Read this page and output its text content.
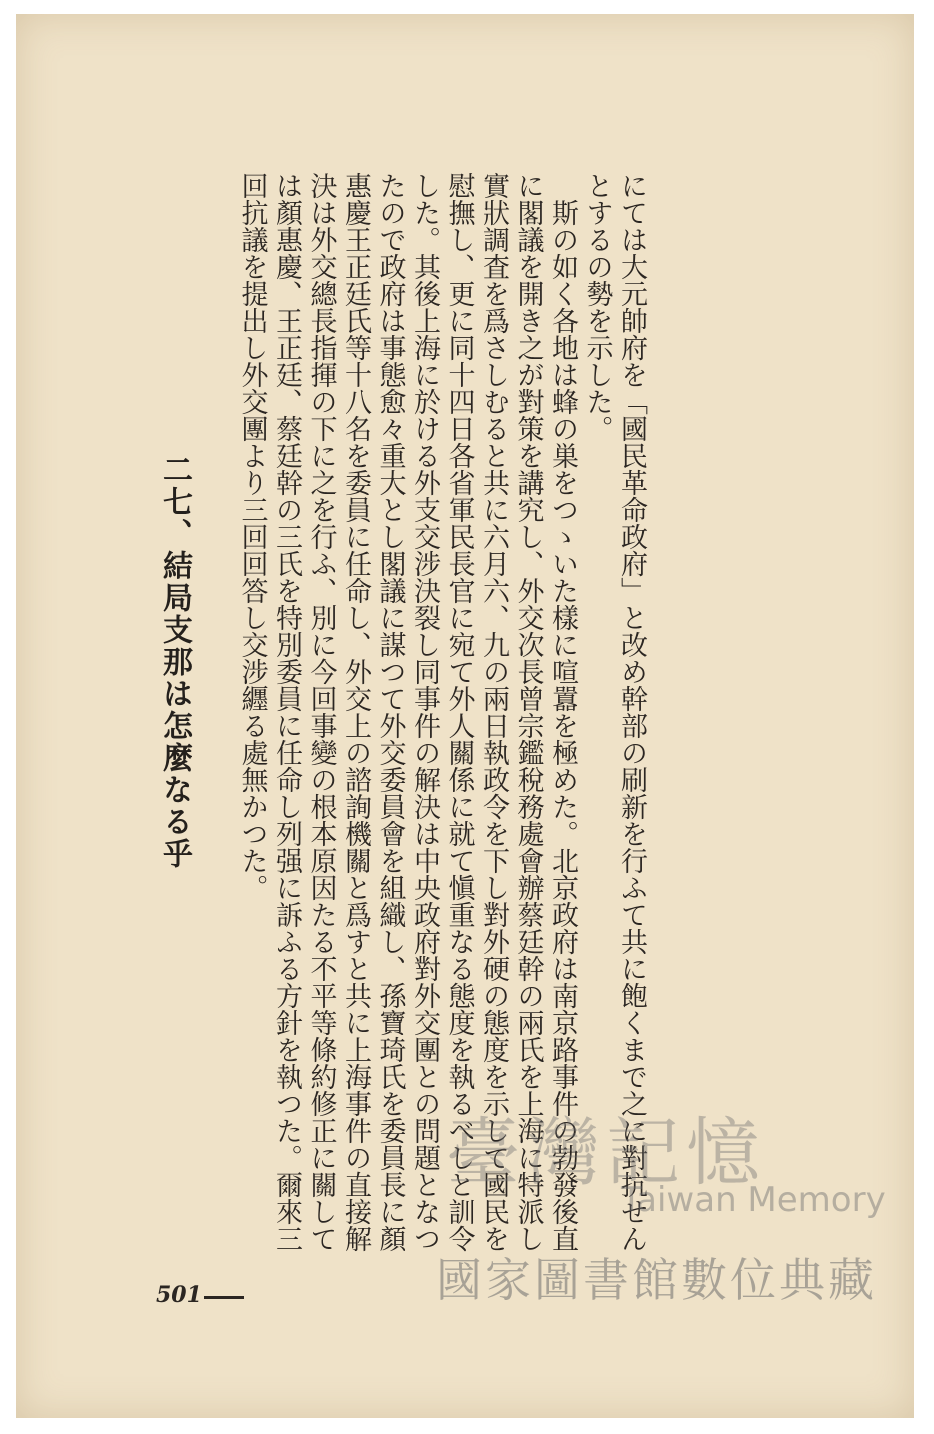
にては大元帥府を「國民革命政府」と改め幹部の刷新を行ふて共に飽くまで之に對抗せんとするの勢を示した。

斯の如く各地は蜂の巣をつゝいた樣に喧囂を極めた。北京政府は南京路事件の勃發後直に閣議を開き之が對策を講究し、外交次長曾宗鑑稅務處會辦蔡廷幹の兩氏を上海に特派し實狀調査を爲さしむると共に六月六、九の兩日執政令を下し對外硬の態度を示して國民を慰撫し、更に同十四日各省軍民長官に宛て外人關係に就て愼重なる態度を執るべしと訓令した。其後上海に於ける外支交涉決裂し同事件の解決は中央政府對外交團との問題となつたので政府は事態愈々重大とし閣議に謀つて外交委員會を組織し、孫寶琦氏を委員長に顏惠慶王正廷氏等十八名を委員に任命し、外交上の諮詢機關と爲すと共に上海事件の直接解決は外交總長指揮の下に之を行ふ、別に今回事變の根本原因たる不平等條約修正に關しては顏惠慶、王正廷、蔡廷幹の三氏を特別委員に任命し列强に訴ふる方針を執つた。爾來三回抗議を提出し外交團より三回回答し交涉纒る處無かつた。

二七、結局支那は怎麼なる乎
501
臺灣記憶
Taiwan Memory
國家圖書館數位典藏
